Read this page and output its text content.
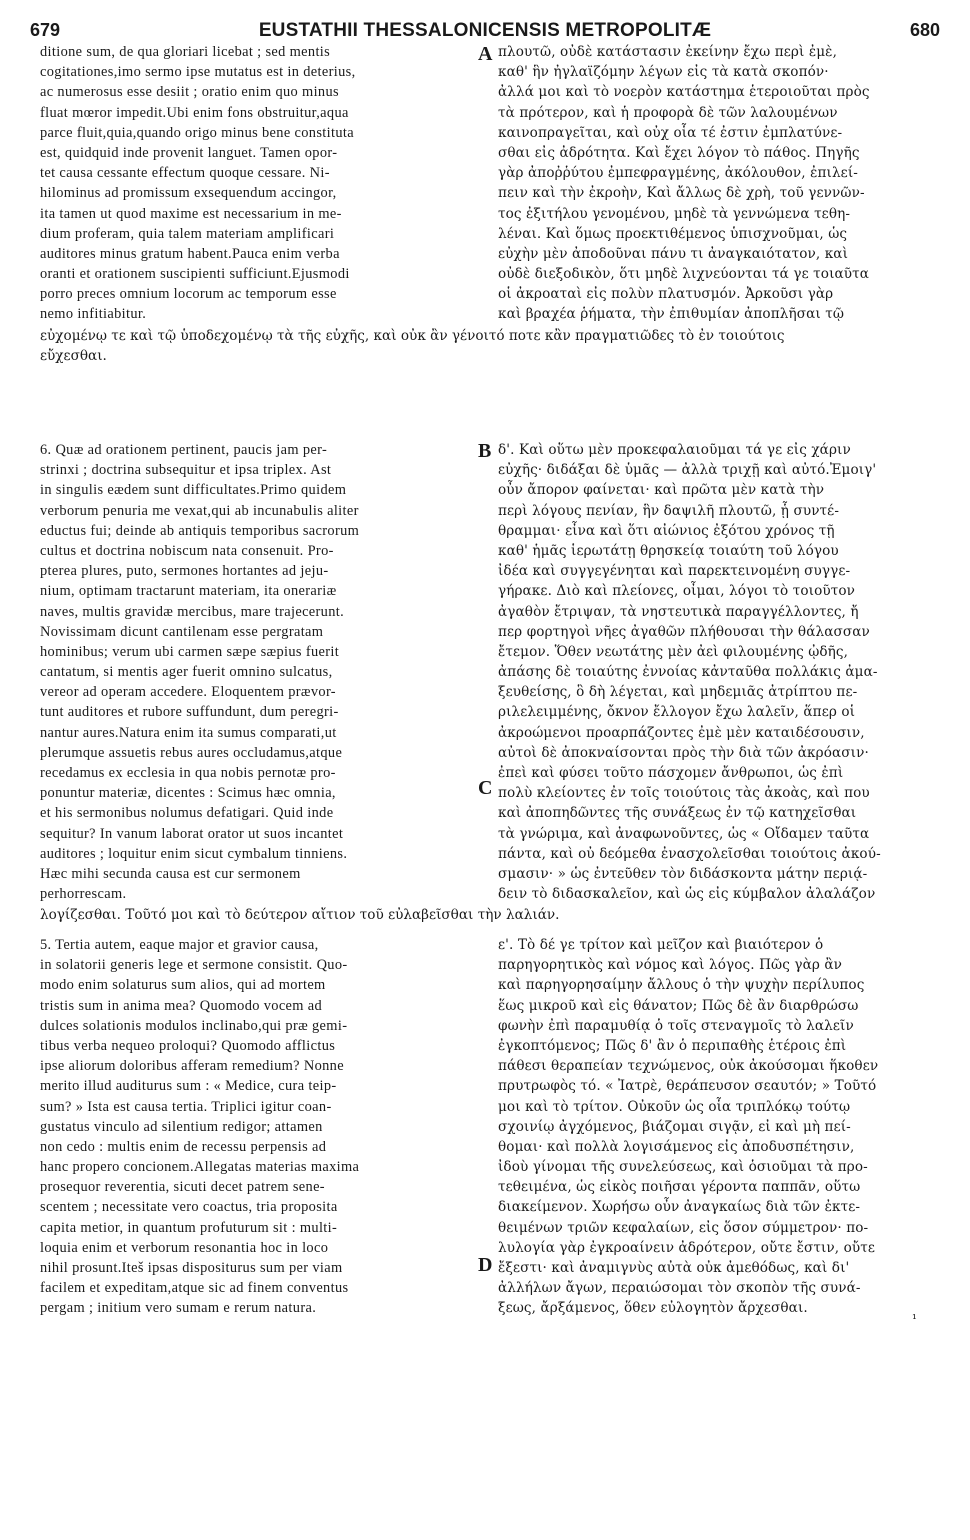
679	EUSTATHII THESSALONICENSIS METROPOLITÆ	680
A
B
C
D
ditione sum, de qua gloriari licebat ; sed mentis
cogitationes,imo sermo ipse mutatus est in deterius,
ac numerosus esse desiit ; oratio enim quo minus
fluat mœror impedit.Ubi enim fons obstruitur,aqua
parce fluit,quia,quando origo minus bene constituta
est, quidquid inde provenit languet. Tamen opor-
tet causa cessante effectum quoque cessare. Ni-
hilominus ad promissum exsequendum accingor,
ita tamen ut quod maxime est necessarium in me-
dium proferam, quia talem materiam amplificari
auditores minus gratum habent.Pauca enim verba
oranti et orationem suscipienti sufficiunt.Ejusmodi
porro preces omnium locorum ac temporum esse
nemo infitiabitur.
πλουτῶ, οὐδὲ κατάστασιν ἐκείνην ἔχω περὶ ἐμὲ,
καθ' ἣν ἠγλαϊζόμην λέγων εἰς τὰ κατὰ σκοπόν·
ἀλλά μοι καὶ τὸ νοερὸν κατάστημα ἑτεροιοῦται πρὸς
τὰ πρότερον, καὶ ἡ προφορὰ δὲ τῶν λαλουμένων
καινοπραγεῖται, καὶ οὐχ οἷα τέ ἐστιν ἐμπλατύνε-
σθαι εἰς ἀδρότητα. Καὶ ἔχει λόγον τὸ πάθος. Πηγῆς
γὰρ ἀποῤῥύτου ἐμπεφραγμένης, ἀκόλουθον, ἐπιλεί-
πειν καὶ τὴν ἐκροὴν, Καὶ ἄλλως δὲ χρὴ, τοῦ γεννῶν-
τος ἐξιτήλου γενομένου, μηδὲ τὰ γεννώμενα τεθη-
λέναι. Καὶ ὅμως προεκτιθέμενος ὑπισχνοῦμαι, ὡς
εὐχὴν μὲν ἀποδοῦναι πάνυ τι ἀναγκαιότατον, καὶ
οὐδὲ διεξοδικὸν, ὅτι μηδὲ λιχνεύονται τά γε τοιαῦτα
οἱ ἀκροαταὶ εἰς πολὺν πλατυσμόν. Ἀρκοῦσι γὰρ
καὶ βραχέα ῥήματα, τὴν ἐπιθυμίαν ἀποπλῆσαι τῷ
εὐχομένῳ τε καὶ τῷ ὑποδεχομένῳ τὰ τῆς εὐχῆς, καὶ οὐκ ἂν γένοιτό ποτε κἂν πραγματιῶδες τὸ ἐν τοιούτοις
εὔχεσθαι.
6. Quæ ad orationem pertinent, paucis jam per-
strinxi ; doctrina subsequitur et ipsa triplex. Ast
in singulis eædem sunt difficultates.Primo quidem
verborum penuria me vexat,qui ab incunabulis aliter
eductus fui; deinde ab antiquis temporibus sacrorum
cultus et doctrina nobiscum nata consenuit. Pro-
pterea plures, puto, sermones hortantes ad jeju-
nium, optimam tractarunt materiam, ita onerariæ
naves, multis gravidæ mercibus, mare trajecerunt.
Novissimam dicunt cantilenam esse pergratam
hominibus; verum ubi carmen sæpe sæpius fuerit
cantatum, si mentis ager fuerit omnino sulcatus,
vereor ad operam accedere. Eloquentem prævor-
tunt auditores et rubore suffundunt, dum peregri-
nantur aures.Natura enim ita sumus comparati,ut
plerumque assuetis rebus aures occludamus,atque
recedamus ex ecclesia in qua nobis pernotæ pro-
ponuntur materiæ, dicentes : Scimus hæc omnia,
et his sermonibus nolumus defatigari. Quid inde
sequitur? In vanum laborat orator ut suos incantet
auditores ; loquitur enim sicut cymbalum tinniens.
Hæc mihi secunda causa est cur sermonem
perhorrescam.
δ'. Καὶ οὕτω μὲν προκεφαλαιοῦμαι τά γε εἰς χάριν
εὐχῆς· διδάξαι δὲ ὑμᾶς — ἀλλὰ τριχῇ καὶ αὐτό.Ἐμοιγ'
οὖν ἄπορον φαίνεται· καὶ πρῶτα μὲν κατὰ τὴν
περὶ λόγους πενίαν, ἣν δαψιλῆ πλουτῶ, ᾗ συντέ-
θραμμαι· εἶνα καὶ ὅτι αἰώνιος ἐξότου χρόνος τῇ
καθ' ἡμᾶς ἱερωτάτῃ θρησκείᾳ τοιαύτη τοῦ λόγου
ἰδέα καὶ συγγεγένηται καὶ παρεκτεινομένη συγγε-
γήρακε. Διὸ καὶ πλείονες, οἶμαι, λόγοι τὸ τοιοῦτον
ἀγαθὸν ἔτριψαν, τὰ νηστευτικὰ παραγγέλλοντες, ἤ
περ φορτηγοὶ νῆες ἀγαθῶν πλήθουσαι τὴν θάλασσαν
ἔτεμον. Ὅθεν νεωτάτης μὲν ἀεὶ φιλουμένης ᾠδῆς,
ἀπάσης δὲ τοιαύτης ἐννοίας κἀνταῦθα πολλάκις ἀμα-
ξευθείσης, ὃ δὴ λέγεται, καὶ μηδεμιᾶς ἀτρίπτου πε-
ριλελειμμένης, ὄκνον ἔλλογον ἔχω λαλεῖν, ἅπερ οἱ
ἀκροώμενοι προαρπάζοντες ἐμὲ μὲν καταιδέσουσιν,
αὐτοὶ δὲ ἀποκναίσονται πρὸς τὴν διὰ τῶν ἀκρόασιν·
ἐπεὶ καὶ φύσει τοῦτο πάσχομεν ἄνθρωποι, ὡς ἐπὶ
πολὺ κλείοντες ἐν τοῖς τοιούτοις τὰς ἀκοὰς, καὶ που
καὶ ἀποπηδῶντες τῆς συνάξεως ἐν τῷ κατηχεῖσθαι
τὰ γνώριμα, καὶ ἀναφωνοῦντες, ὡς « Οἴδαμεν ταῦτα
πάντα, καὶ οὐ δεόμεθα ἐνασχολεῖσθαι τοιούτοις ἀκού-
σμασιν· » ὡς ἐντεῦθεν τὸν διδάσκοντα μάτην περιᾴ-
δειν τὸ διδασκαλεῖον, καὶ ὡς εἰς κύμβαλον ἀλαλάζον
λογίζεσθαι. Τοῦτό μοι καὶ τὸ δεύτερον αἴτιον τοῦ εὐλαβεῖσθαι τὴν λαλιάν.
5. Tertia autem, eaque major et gravior causa,
in solatorii generis lege et sermone consistit. Quo-
modo enim solaturus sum alios, qui ad mortem
tristis sum in anima mea? Quomodo vocem ad
dulces solationis modulos inclinabo,qui præ gemi-
tibus verba nequeo proloqui? Quomodo afflictus
ipse aliorum doloribus afferam remedium? Nonne
merito illud auditurus sum : « Medice, cura teip-
sum? » Ista est causa tertia. Triplici igitur coan-
gustatus vinculo ad silentium redigor; attamen
non cedo : multis enim de recessu perpensis ad
hanc propero concionem.Allegatas materias maxima
prosequor reverentia, sicuti decet patrem sene-
scentem ; necessitate vero coactus, tria proposita
capita metior, in quantum profuturum sit : multi-
loquia enim et verborum resonantia hoc in loco
nihil prosunt.Iteš ipsas dispositurus sum per viam
facilem et expeditam,atque sic ad finem conventus
pergam ; initium vero sumam e rerum natura.
ε'. Τὸ δέ γε τρίτον καὶ μεῖζον καὶ βιαιότερον ὁ
παρηγορητικὸς καὶ νόμος καὶ λόγος. Πῶς γὰρ ἂν
καὶ παρηγορησαίμην ἄλλους ὁ τὴν ψυχὴν περίλυπος
ἕως μικροῦ καὶ εἰς θάνατον; Πῶς δὲ ἂν διαρθρώσω
φωνὴν ἐπὶ παραμυθίᾳ ὁ τοῖς στεναγμοῖς τὸ λαλεῖν
ἐγκοπτόμενος; Πῶς δ' ἂν ὁ περιπαθὴς ἑτέροις ἐπὶ
πάθεσι θεραπείαν τεχνώμενος, οὐκ ἀκούσομαι ἥκοθεν
πρυτρωφὸς τό. « Ἰατρὲ, θεράπευσον σεαυτόν; » Τοῦτό
μοι καὶ τὸ τρίτον. Οὐκοῦν ὡς οἷα τριπλόκῳ τούτῳ
σχοινίῳ ἀγχόμενος, βιάζομαι σιγᾷν, εἰ καὶ μὴ πεί-
θομαι· καὶ πολλὰ λογισάμενος εἰς ἀποδυσπέτησιν,
ἰδοὺ γίνομαι τῆς συνελεύσεως, καὶ ὁσιοῦμαι τὰ προ-
τεθειμένα, ὡς εἰκὸς ποιῆσαι γέροντα παππᾶν, οὕτω
διακείμενον. Χωρήσω οὖν ἀναγκαίως διὰ τῶν ἐκτε-
θειμένων τριῶν κεφαλαίων, εἰς ὅσον σύμμετρον· πο-
λυλογία γὰρ ἐγκροαίνειν ἀδρότερον, οὔτε ἔστιν, οὔτε
ἔξεστι· καὶ ἀναμιγνὺς αὐτὰ οὐκ ἀμεθόδως, καὶ δι'
ἀλλήλων ἄγων, περαιώσομαι τὸν σκοπὸν τῆς συνά-
ξεως, ἄρξάμενος, ὅθεν εὐλογητὸν ἄρχεσθαι.
¹
